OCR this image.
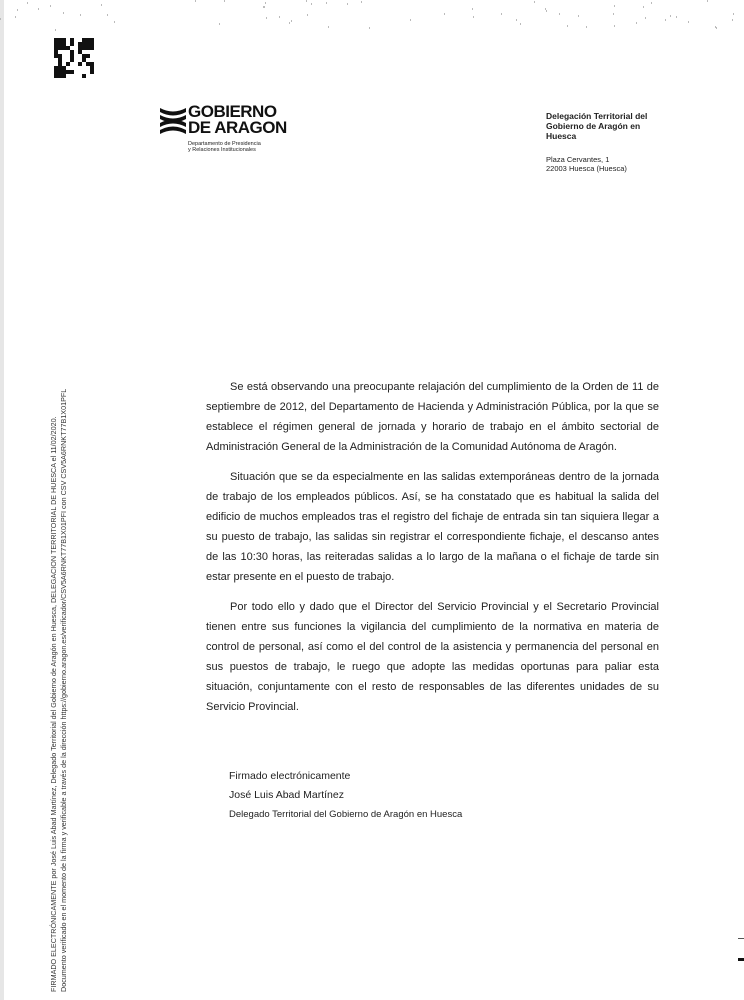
GOBIERNO
DE ARAGON
Departamento de Presidencia
y Relaciones Institucionales
Delegación Territorial del Gobierno de Aragón en Huesca
Plaza Cervantes, 1
22003 Huesca (Huesca)

Se está observando una preocupante relajación del cumplimiento de la Orden de 11 de septiembre de 2012, del Departamento de Hacienda y Administración Pública, por la que se establece el régimen general de jornada y horario de trabajo en el ámbito sectorial de Administración General de la Administración de la Comunidad Autónoma de Aragón.

Situación que se da especialmente en las salidas extemporáneas dentro de la jornada de trabajo de los empleados públicos. Así, se ha constatado que es habitual la salida del edificio de muchos empleados tras el registro del fichaje de entrada sin tan siquiera llegar a su puesto de trabajo, las salidas sin registrar el correspondiente fichaje, el descanso antes de las 10:30 horas, las reiteradas salidas a lo largo de la mañana o el fichaje de tarde sin estar presente en el puesto de trabajo.

Por todo ello y dado que el Director del Servicio Provincial y el Secretario Provincial tienen entre sus funciones la vigilancia del cumplimiento de la normativa en materia de control de personal, así como el del control de la asistencia y permanencia del personal en sus puestos de trabajo, le ruego que adopte las medidas oportunas para paliar esta situación, conjuntamente con el resto de responsables de las diferentes unidades de su Servicio Provincial.

Firmado electrónicamente
José Luis Abad Martínez
Delegado Territorial del Gobierno de Aragón en Huesca
FIRMADO ELECTRÓNICAMENTE por José Luis Abad Martínez, Delegado Territorial del Gobierno de Aragón en Huesca, DELEGACION TERRITORIAL DE HUESCA el 11/02/2020. Documento verificado en el momento de la firma y verificable a través de la dirección https://gobierno.aragon.es/verificador/CSV5A6RNKT77B1X01PFI con CSV CSV5A6RNKT77B1X01PFL
